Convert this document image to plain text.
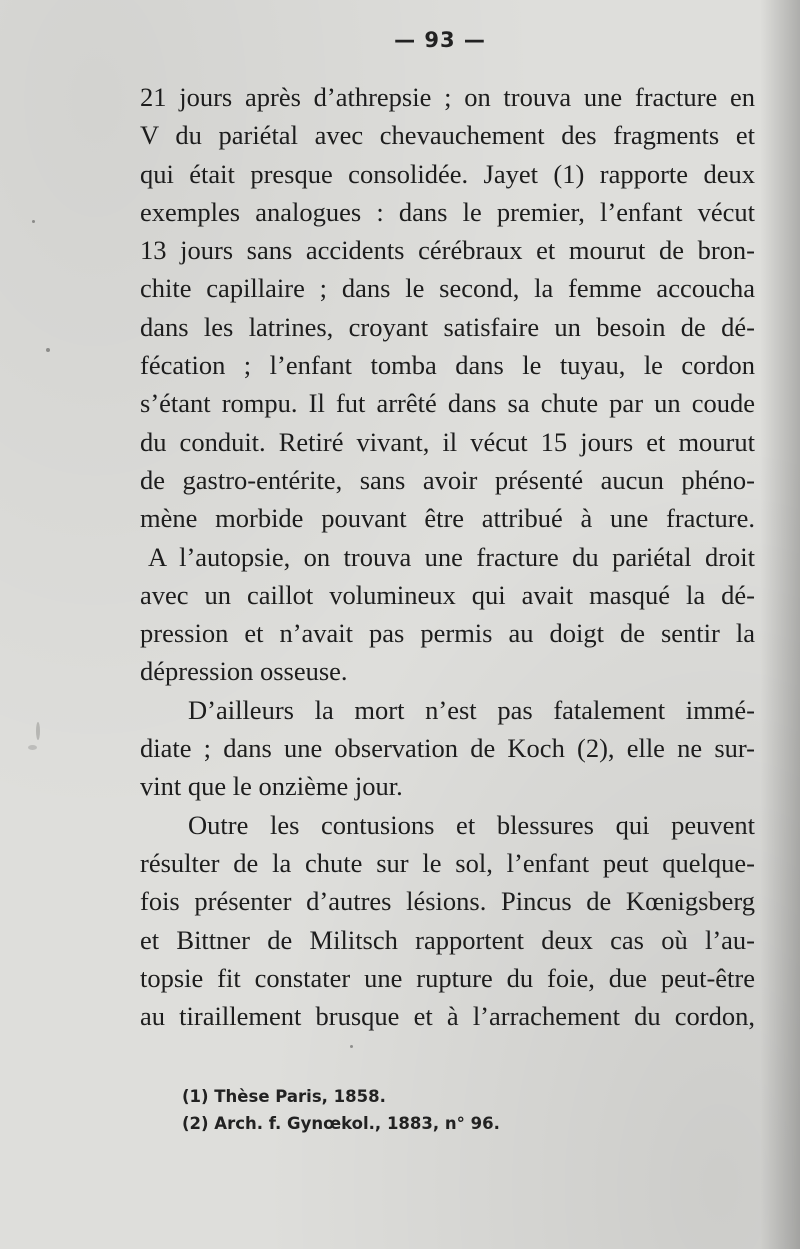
— 93 —
21 jours après d’athrepsie ; on trouva une fracture en
V du pariétal avec chevauchement des fragments et
qui était presque consolidée. Jayet (1) rapporte deux
exemples analogues : dans le premier, l’enfant vécut
13 jours sans accidents cérébraux et mourut de bron-
chite capillaire ; dans le second, la femme accoucha
dans les latrines, croyant satisfaire un besoin de dé-
fécation ; l’enfant tomba dans le tuyau, le cordon
s’étant rompu. Il fut arrêté dans sa chute par un coude
du conduit. Retiré vivant, il vécut 15 jours et mourut
de gastro-entérite, sans avoir présenté aucun phéno-
mène morbide pouvant être attribué à une fracture.
A l’autopsie, on trouva une fracture du pariétal droit
avec un caillot volumineux qui avait masqué la dé-
pression et n’avait pas permis au doigt de sentir la
dépression osseuse.
D’ailleurs la mort n’est pas fatalement immé-
diate ; dans une observation de Koch (2), elle ne sur-
vint que le onzième jour.
Outre les contusions et blessures qui peuvent
résulter de la chute sur le sol, l’enfant peut quelque-
fois présenter d’autres lésions. Pincus de Kœnigsberg
et Bittner de Militsch rapportent deux cas où l’au-
topsie fit constater une rupture du foie, due peut-être
au tiraillement brusque et à l’arrachement du cordon,
(1) Thèse Paris, 1858.
(2) Arch. f. Gynœkol., 1883, n° 96.
